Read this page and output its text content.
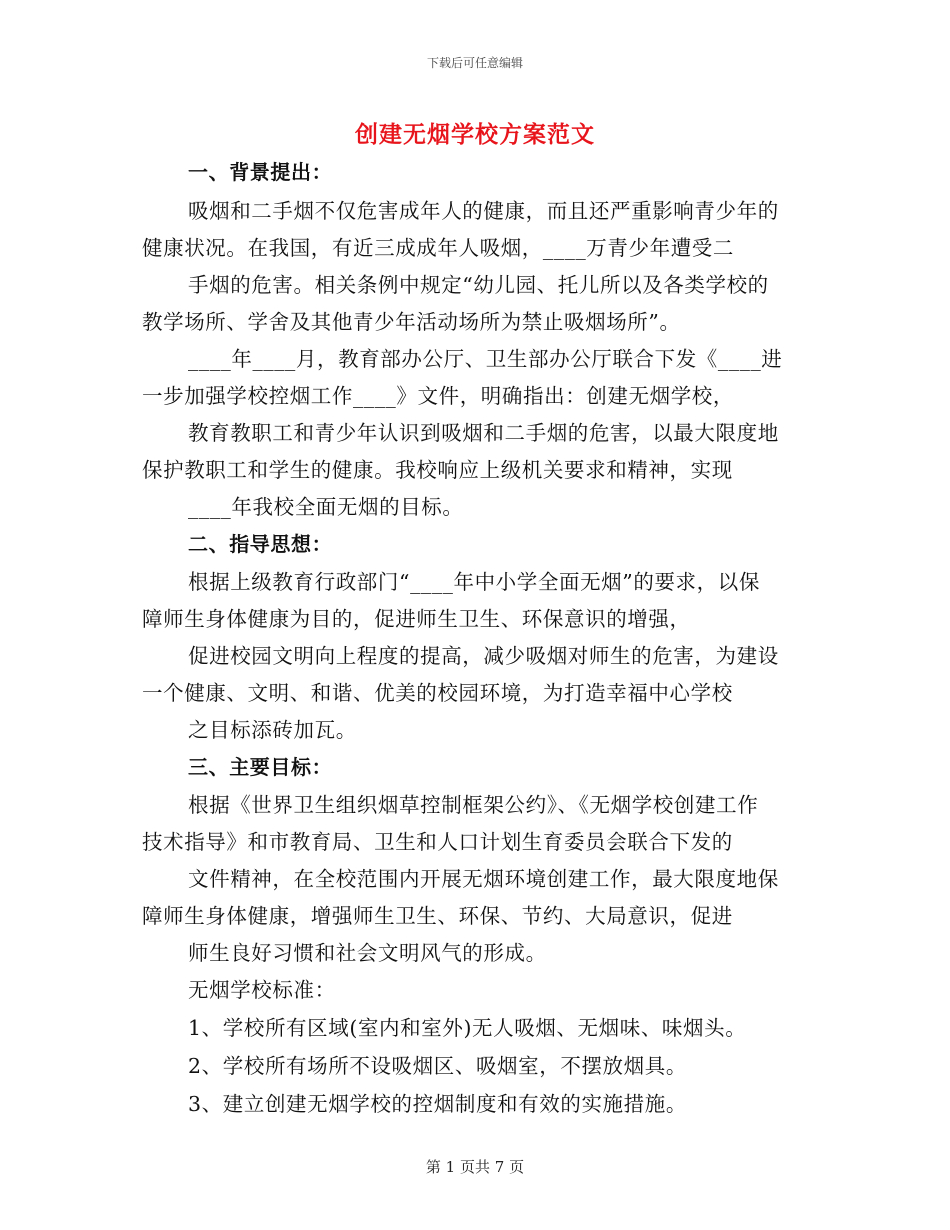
下载后可任意编辑
创建无烟学校方案范文
一、背景提出：
吸烟和二手烟不仅危害成年人的健康，而且还严重影响青少年的
健康状况。在我国，有近三成成年人吸烟，____万青少年遭受二
手烟的危害。相关条例中规定“幼儿园、托儿所以及各类学校的
教学场所、学舍及其他青少年活动场所为禁止吸烟场所”。
____年____月，教育部办公厅、卫生部办公厅联合下发《____进
一步加强学校控烟工作____》文件，明确指出：创建无烟学校，
教育教职工和青少年认识到吸烟和二手烟的危害，以最大限度地
保护教职工和学生的健康。我校响应上级机关要求和精神，实现
____年我校全面无烟的目标。
二、指导思想：
根据上级教育行政部门“____年中小学全面无烟”的要求，以保
障师生身体健康为目的，促进师生卫生、环保意识的增强，
促进校园文明向上程度的提高，减少吸烟对师生的危害，为建设
一个健康、文明、和谐、优美的校园环境，为打造幸福中心学校
之目标添砖加瓦。
三、主要目标：
根据《世界卫生组织烟草控制框架公约》、《无烟学校创建工作
技术指导》和市教育局、卫生和人口计划生育委员会联合下发的
文件精神，在全校范围内开展无烟环境创建工作，最大限度地保
障师生身体健康，增强师生卫生、环保、节约、大局意识，促进
师生良好习惯和社会文明风气的形成。
无烟学校标准：
1、学校所有区域(室内和室外)无人吸烟、无烟味、味烟头。
2、学校所有场所不设吸烟区、吸烟室，不摆放烟具。
3、建立创建无烟学校的控烟制度和有效的实施措施。
第 1 页共 7 页
